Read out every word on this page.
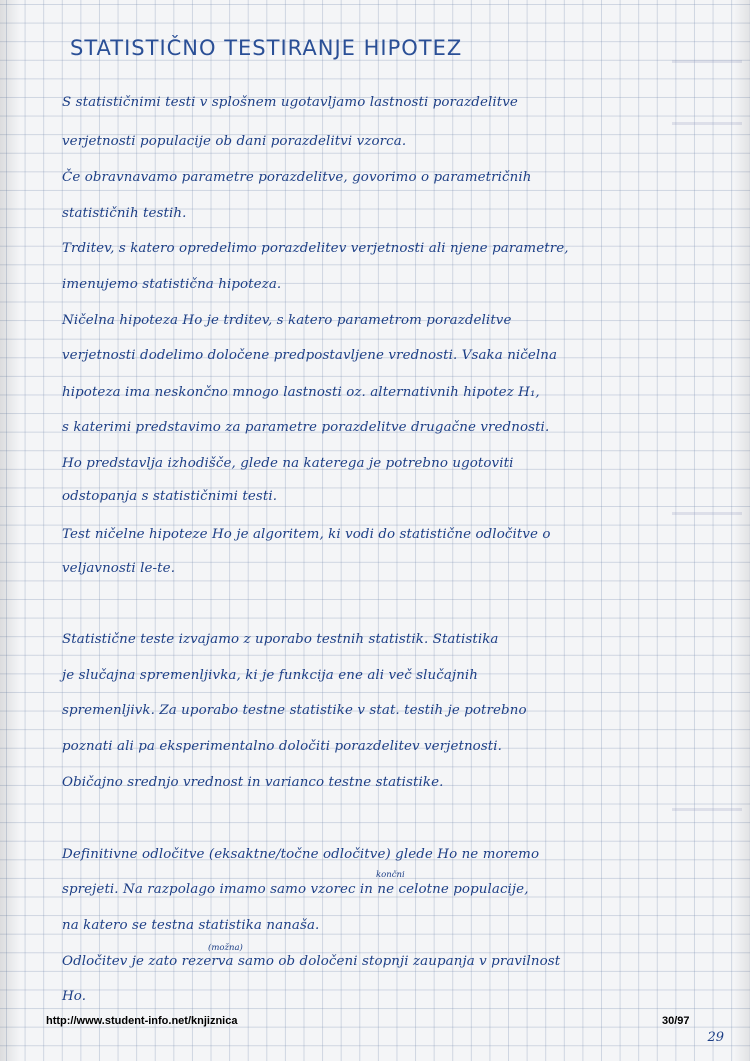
STATISTIČNO TESTIRANJE HIPOTEZ
S statističnimi testi v splošnem ugotavljamo lastnosti porazdelitve
verjetnosti populacije ob dani porazdelitvi vzorca.
Če obravnavamo parametre porazdelitve, govorimo o parametričnih
statističnih testih.
Trditev, s katero opredelimo porazdelitev verjetnosti ali njene parametre,
imenujemo statistična hipoteza.
Ničelna hipoteza Ho je trditev, s katero parametrom porazdelitve
verjetnosti dodelimo določene predpostavljene vrednosti. Vsaka ničelna
hipoteza ima neskončno mnogo lastnosti oz. alternativnih hipotez H₁,
s katerimi predstavimo za parametre porazdelitve drugačne vrednosti.
Ho predstavlja izhodišče, glede na katerega je potrebno ugotoviti
odstopanja s statističnimi testi.
Test ničelne hipoteze Ho je algoritem, ki vodi do statistične odločitve o
veljavnosti le-te.
Statistične teste izvajamo z uporabo testnih statistik. Statistika
je slučajna spremenljivka, ki je funkcija ene ali več slučajnih
spremenljivk. Za uporabo testne statistike v stat. testih je potrebno
poznati ali pa eksperimentalno določiti porazdelitev verjetnosti.
Običajno srednjo vrednost in varianco testne statistike.
Definitivne odločitve (eksaktne/točne odločitve) glede Ho ne moremo
sprejeti. Na razpolago imamo samo vzorec in ne celotne populacije,
na katero se testna statistika nanaša.
Odločitev je zato rezerva samo ob določeni stopnji zaupanja v pravilnost
Ho.
končni
(možna)
http://www.student-info.net/knjiznica	30/97
29
